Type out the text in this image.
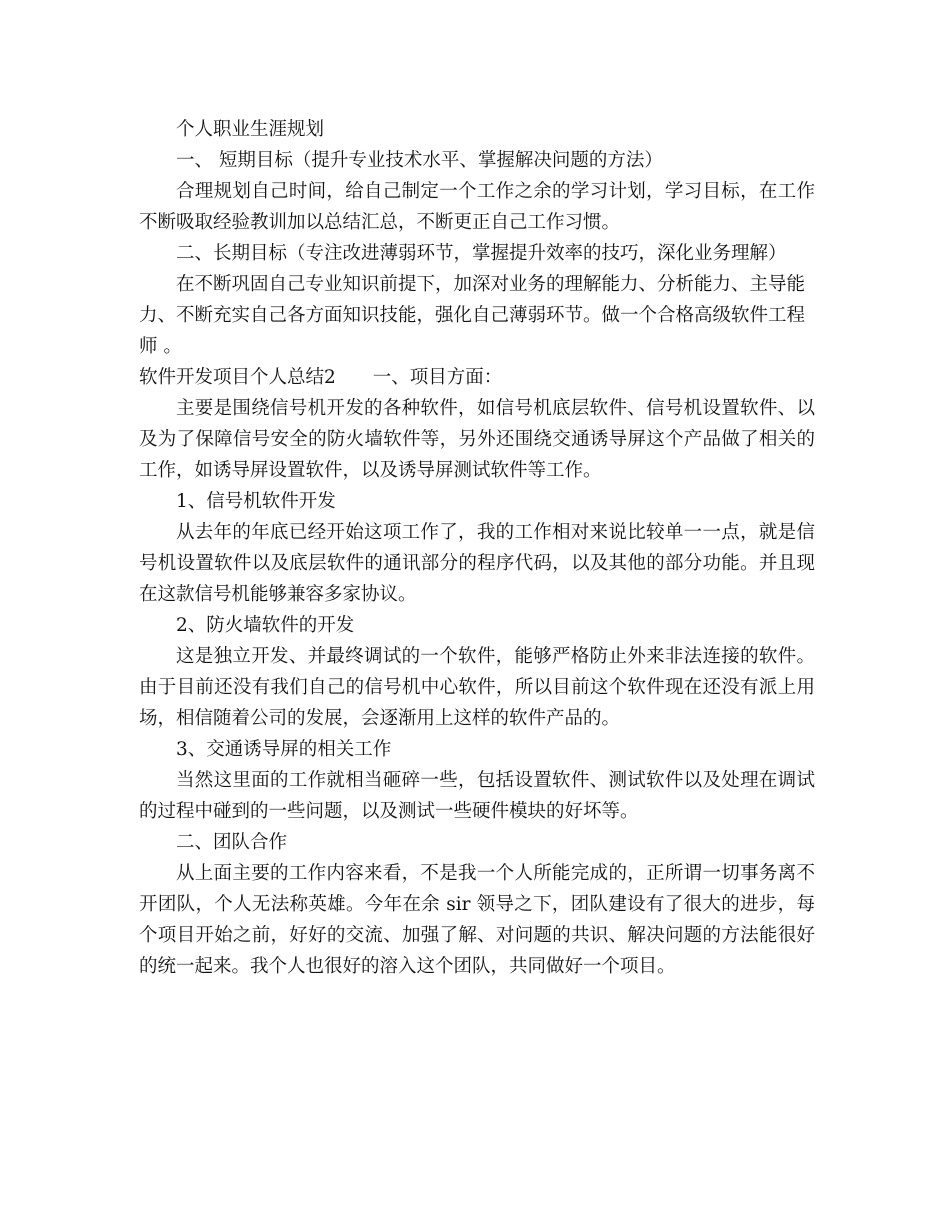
个人职业生涯规划

一、 短期目标（提升专业技术水平、掌握解决问题的方法）

合理规划自己时间，给自己制定一个工作之余的学习计划，学习目标，在工作不断吸取经验教训加以总结汇总，不断更正自己工作习惯。

二、长期目标（专注改进薄弱环节，掌握提升效率的技巧，深化业务理解）

在不断巩固自己专业知识前提下，加深对业务的理解能力、分析能力、主导能力、不断充实自己各方面知识技能，强化自己薄弱环节。做一个合格高级软件工程师 。

软件开发项目个人总结2　　一、项目方面：

主要是围绕信号机开发的各种软件，如信号机底层软件、信号机设置软件、以及为了保障信号安全的防火墙软件等，另外还围绕交通诱导屏这个产品做了相关的工作，如诱导屏设置软件，以及诱导屏测试软件等工作。

1、信号机软件开发

从去年的年底已经开始这项工作了，我的工作相对来说比较单一一点，就是信号机设置软件以及底层软件的通讯部分的程序代码，以及其他的部分功能。并且现在这款信号机能够兼容多家协议。

2、防火墙软件的开发

这是独立开发、并最终调试的一个软件，能够严格防止外来非法连接的软件。由于目前还没有我们自己的信号机中心软件，所以目前这个软件现在还没有派上用场，相信随着公司的发展，会逐渐用上这样的软件产品的。

3、交通诱导屏的相关工作

当然这里面的工作就相当砸碎一些，包括设置软件、测试软件以及处理在调试的过程中碰到的一些问题，以及测试一些硬件模块的好坏等。

二、团队合作

从上面主要的工作内容来看，不是我一个人所能完成的，正所谓一切事务离不开团队，个人无法称英雄。今年在余 sir 领导之下，团队建设有了很大的进步，每个项目开始之前，好好的交流、加强了解、对问题的共识、解决问题的方法能很好的统一起来。我个人也很好的溶入这个团队，共同做好一个项目。
